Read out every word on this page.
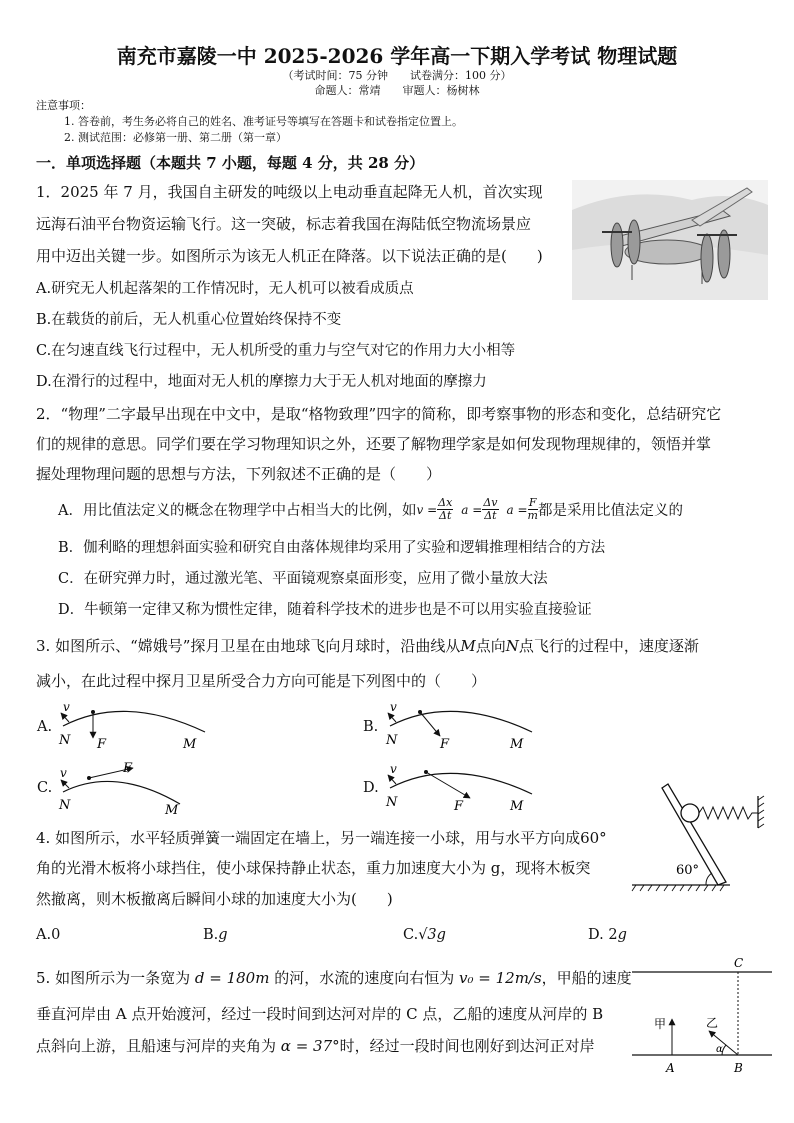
南充市嘉陵一中 2025-2026 学年高一下期入学考试 物理试题
（考试时间：75 分钟　　试卷满分：100 分）
命题人：常靖　　审题人：杨树林
注意事项：
1. 答卷前，考生务必将自己的姓名、准考证号等填写在答题卡和试卷指定位置上。
2. 测试范围：必修第一册、第二册（第一章）
一．单项选择题（本题共 7 小题，每题 4 分，共 28 分）
1．2025 年 7 月，我国自主研发的吨级以上电动垂直起降无人机，首次实现
远海石油平台物资运输飞行。这一突破，标志着我国在海陆低空物流场景应
用中迈出关键一步。如图所示为该无人机正在降落。以下说法正确的是(　　)
A.研究无人机起落架的工作情况时，无人机可以被看成质点
B.在载货的前后，无人机重心位置始终保持不变
C.在匀速直线飞行过程中，无人机所受的重力与空气对它的作用力大小相等
D.在滑行的过程中，地面对无人机的摩擦力大于无人机对地面的摩擦力
2．“物理”二字最早出现在中文中，是取“格物致理”四字的简称，即考察事物的形态和变化，总结研究它
们的规律的意思。同学们要在学习物理知识之外，还要了解物理学家是如何发现物理规律的，领悟并掌
握处理物理问题的思想与方法，下列叙述不正确的是（　　）
A．用比值法定义的概念在物理学中占相当大的比例，如 $v = \frac{\Delta x}{\Delta t}$ $a = \frac{\Delta v}{\Delta t}$ $a = \frac{F}{m}$ 都是采用比值法定义的
B．伽利略的理想斜面实验和研究自由落体规律均采用了实验和逻辑推理相结合的方法
C．在研究弹力时，通过激光笔、平面镜观察桌面形变，应用了微小量放大法
D．牛顿第一定律又称为惯性定律，随着科学技术的进步也是不可以用实验直接验证
3. 如图所示、“嫦娥号”探月卫星在由地球飞向月球时，沿曲线从M点向N点飞行的过程中，速度逐渐
减小，在此过程中探月卫星所受合力方向可能是下列图中的（　　）
A.
v
N F	M
B.
v
N	F	M
C.
v	F
N	M
D.
v
N	F	M
60°
4. 如图所示，水平轻质弹簧一端固定在墙上，另一端连接一小球，用与水平方向成60°
角的光滑木板将小球挡住，使小球保持静止状态，重力加速度大小为 g，现将木板突
然撤离，则木板撤离后瞬间小球的加速度大小为(　　)
A.0	B.g	C.√3g	D. 2g
5. 如图所示为一条宽为 d = 180m 的河，水流的速度向右恒为 v₀ = 12m/s，甲船的速度
垂直河岸由 A 点开始渡河，经过一段时间到达河对岸的 C 点，乙船的速度从河岸的 B
点斜向上游，且船速与河岸的夹角为 α = 37°时，经过一段时间也刚好到达河正对岸
C
甲	乙
α
A	B
